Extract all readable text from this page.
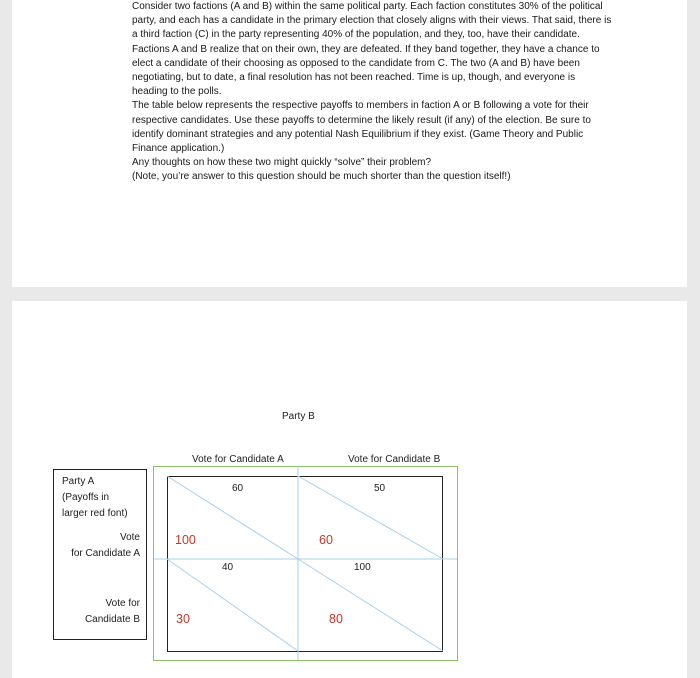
Consider two factions (A and B) within the same political party. Each faction constitutes 30% of the political party, and each has a candidate in the primary election that closely aligns with their views. That said, there is a third faction (C) in the party representing 40% of the population, and they, too, have their candidate.

Factions A and B realize that on their own, they are defeated. If they band together, they have a chance to elect a candidate of their choosing as opposed to the candidate from C. The two (A and B) have been negotiating, but to date, a final resolution has not been reached. Time is up, though, and everyone is heading to the polls.

The table below represents the respective payoffs to members in faction A or B following a vote for their respective candidates. Use these payoffs to determine the likely result (if any) of the election. Be sure to identify dominant strategies and any potential Nash Equilibrium if they exist. (Game Theory and Public Finance application.)

Any thoughts on how these two might quickly “solve” their problem?

(Note, you’re answer to this question should be much shorter than the question itself!)

Party B
Vote for Candidate A	Vote for Candidate B
Party A
(Payoffs in
larger red font)
Vote
for Candidate A
Vote for
Candidate B
100
60
60
50
30
40
80
100
